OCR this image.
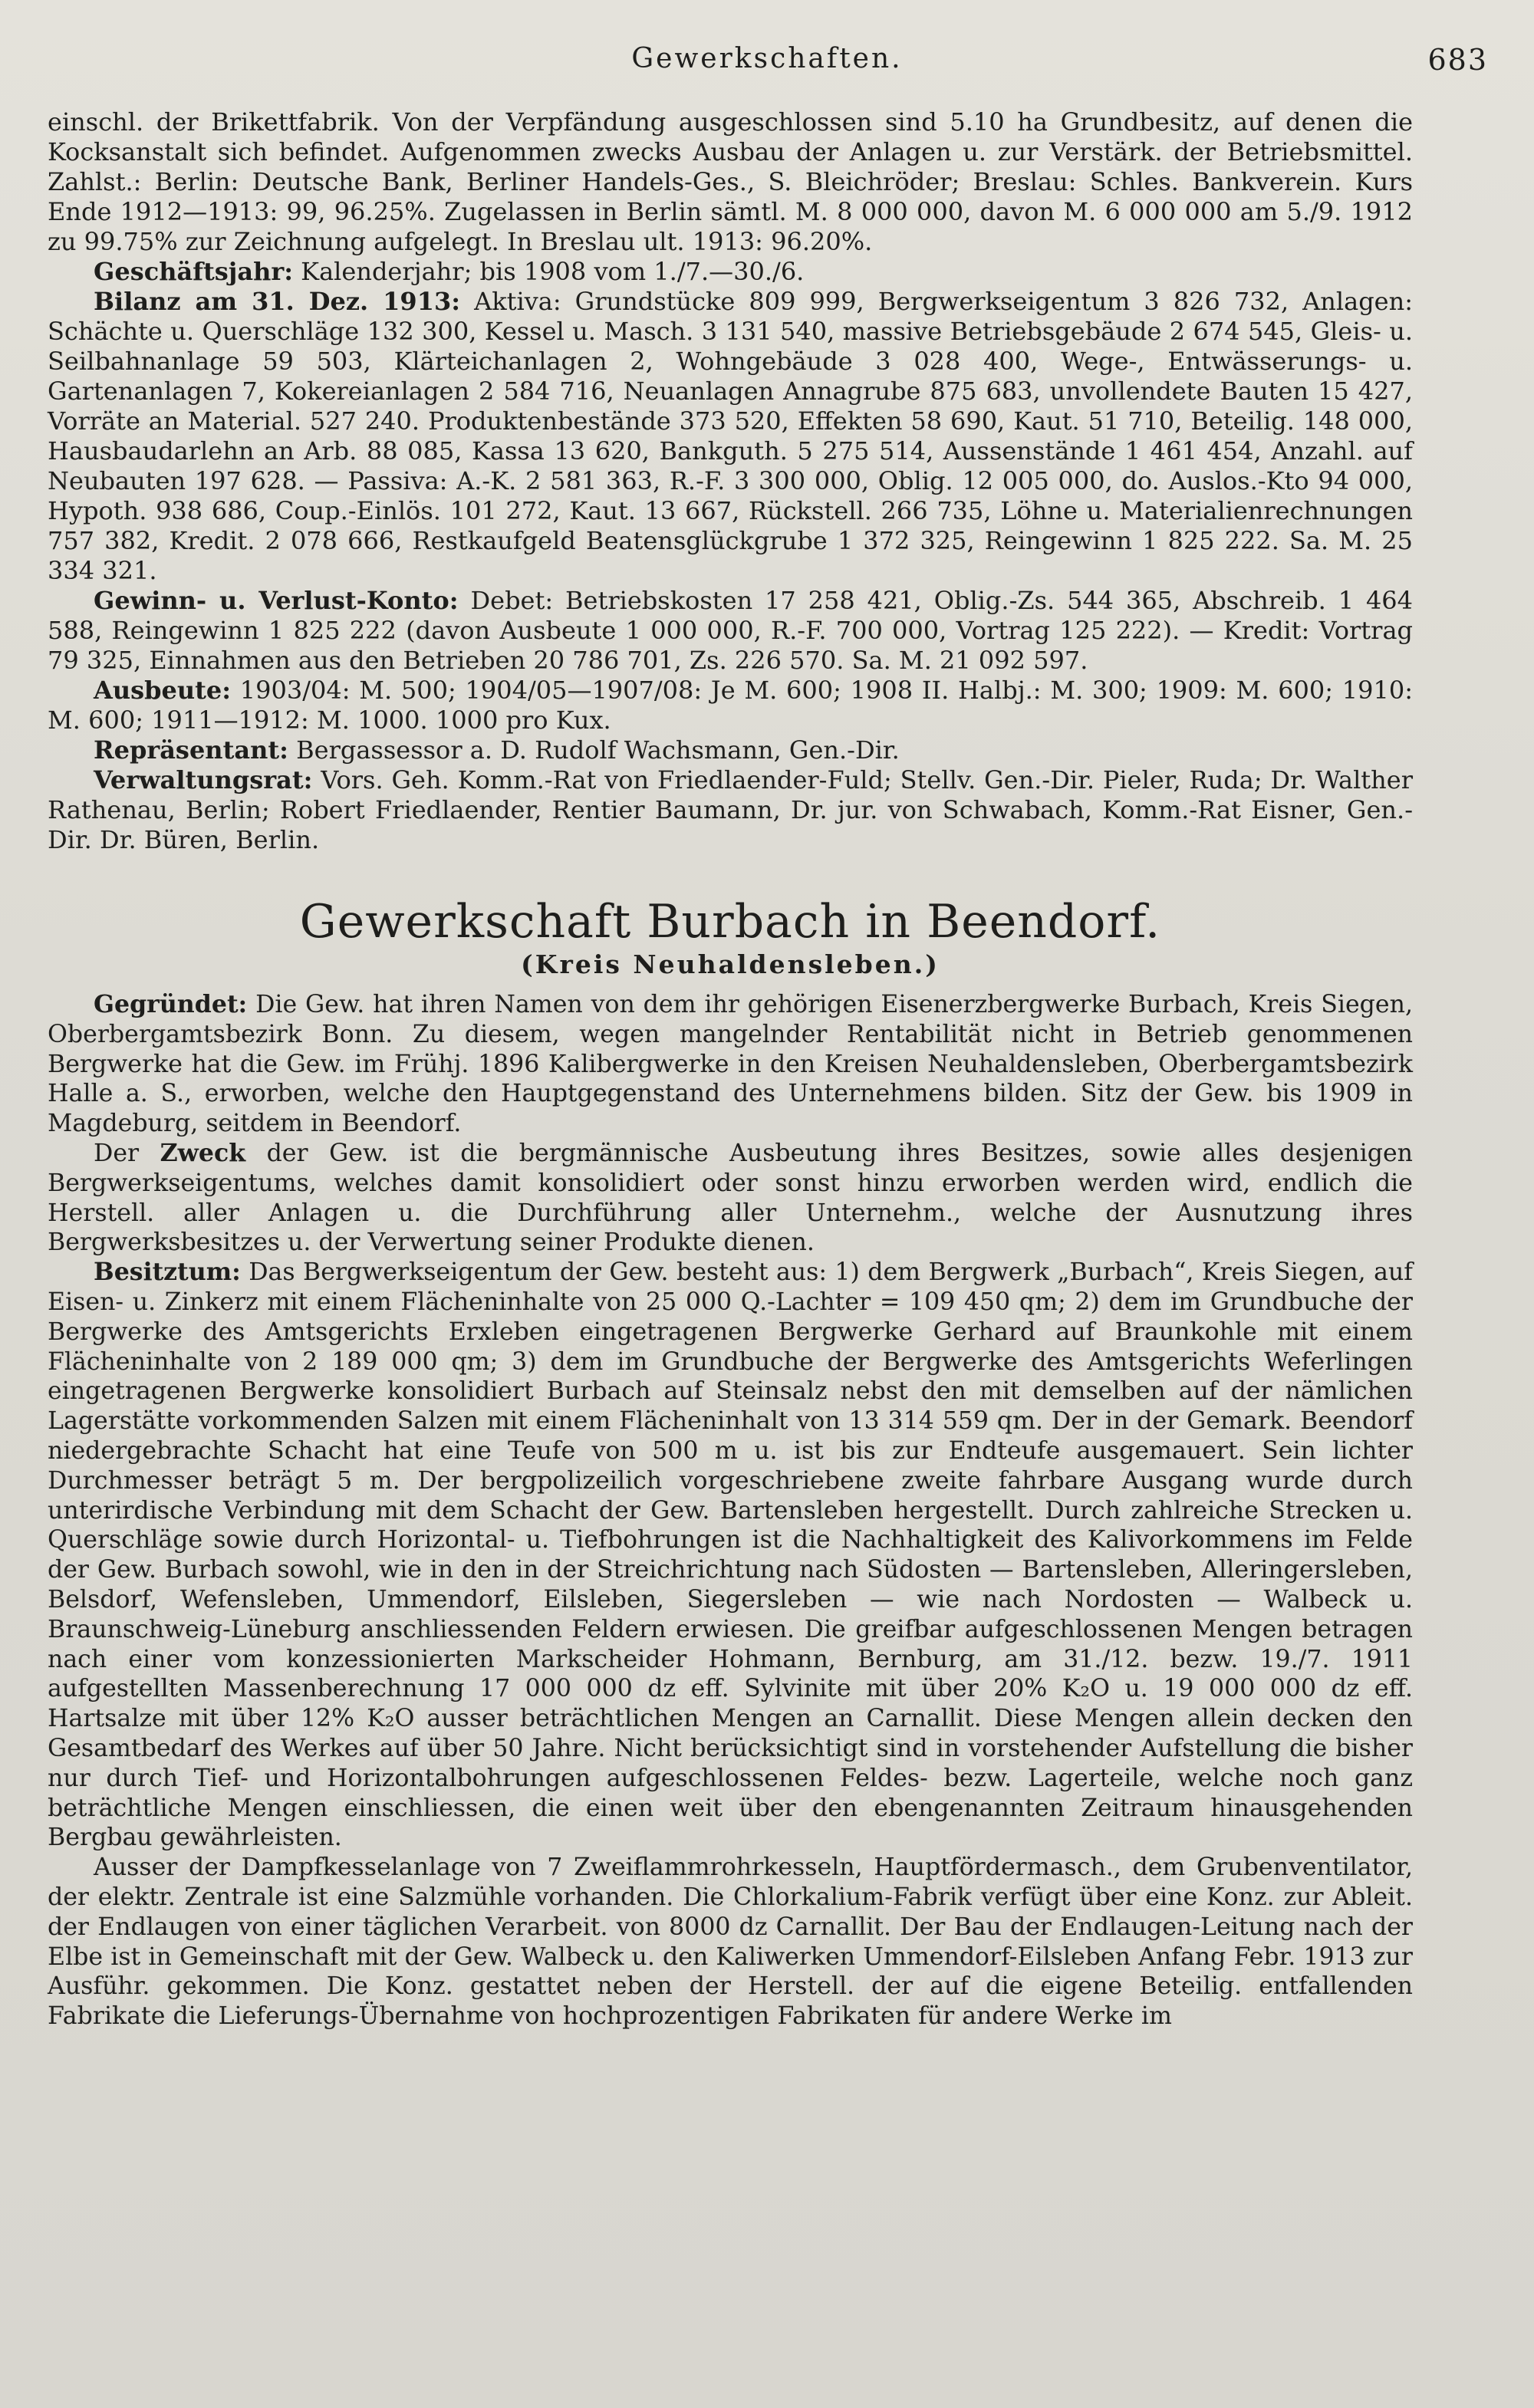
Gewerkschaften.	683

einschl. der Brikettfabrik. Von der Verpfändung ausgeschlossen sind 5.10 ha Grundbesitz, auf denen die Kocksanstalt sich befindet. Aufgenommen zwecks Ausbau der Anlagen u. zur Verstärk. der Betriebsmittel. Zahlst.: Berlin: Deutsche Bank, Berliner Handels-Ges., S. Bleichröder; Breslau: Schles. Bankverein. Kurs Ende 1912—1913: 99, 96.25%. Zugelassen in Berlin sämtl. M. 8 000 000, davon M. 6 000 000 am 5./9. 1912 zu 99.75% zur Zeichnung aufgelegt. In Breslau ult. 1913: 96.20%.

Geschäftsjahr: Kalenderjahr; bis 1908 vom 1./7.—30./6.

Bilanz am 31. Dez. 1913: Aktiva: Grundstücke 809 999, Bergwerkseigentum 3 826 732, Anlagen: Schächte u. Querschläge 132 300, Kessel u. Masch. 3 131 540, massive Betriebsgebäude 2 674 545, Gleis- u. Seilbahnanlage 59 503, Klärteichanlagen 2, Wohngebäude 3 028 400, Wege-, Entwässerungs- u. Gartenanlagen 7, Kokereianlagen 2 584 716, Neuanlagen Annagrube 875 683, unvollendete Bauten 15 427, Vorräte an Material. 527 240. Produktenbestände 373 520, Effekten 58 690, Kaut. 51 710, Beteilig. 148 000, Hausbaudarlehn an Arb. 88 085, Kassa 13 620, Bankguth. 5 275 514, Aussenstände 1 461 454, Anzahl. auf Neubauten 197 628. — Passiva: A.-K. 2 581 363, R.-F. 3 300 000, Oblig. 12 005 000, do. Auslos.-Kto 94 000, Hypoth. 938 686, Coup.-Einlös. 101 272, Kaut. 13 667, Rückstell. 266 735, Löhne u. Materialienrechnungen 757 382, Kredit. 2 078 666, Restkaufgeld Beatensglückgrube 1 372 325, Reingewinn 1 825 222. Sa. M. 25 334 321.

Gewinn- u. Verlust-Konto: Debet: Betriebskosten 17 258 421, Oblig.-Zs. 544 365, Abschreib. 1 464 588, Reingewinn 1 825 222 (davon Ausbeute 1 000 000, R.-F. 700 000, Vortrag 125 222). — Kredit: Vortrag 79 325, Einnahmen aus den Betrieben 20 786 701, Zs. 226 570. Sa. M. 21 092 597.

Ausbeute: 1903/04: M. 500; 1904/05—1907/08: Je M. 600; 1908 II. Halbj.: M. 300; 1909: M. 600; 1910: M. 600; 1911—1912: M. 1000. 1000 pro Kux.

Repräsentant: Bergassessor a. D. Rudolf Wachsmann, Gen.-Dir.

Verwaltungsrat: Vors. Geh. Komm.-Rat von Friedlaender-Fuld; Stellv. Gen.-Dir. Pieler, Ruda; Dr. Walther Rathenau, Berlin; Robert Friedlaender, Rentier Baumann, Dr. jur. von Schwabach, Komm.-Rat Eisner, Gen.-Dir. Dr. Büren, Berlin.

Gewerkschaft Burbach in Beendorf.
(Kreis Neuhaldensleben.)

Gegründet: Die Gew. hat ihren Namen von dem ihr gehörigen Eisenerzbergwerke Burbach, Kreis Siegen, Oberbergamtsbezirk Bonn. Zu diesem, wegen mangelnder Rentabilität nicht in Betrieb genommenen Bergwerke hat die Gew. im Frühj. 1896 Kalibergwerke in den Kreisen Neuhaldensleben, Oberbergamtsbezirk Halle a. S., erworben, welche den Hauptgegenstand des Unternehmens bilden. Sitz der Gew. bis 1909 in Magdeburg, seitdem in Beendorf.

Der Zweck der Gew. ist die bergmännische Ausbeutung ihres Besitzes, sowie alles desjenigen Bergwerkseigentums, welches damit konsolidiert oder sonst hinzu erworben werden wird, endlich die Herstell. aller Anlagen u. die Durchführung aller Unternehm., welche der Ausnutzung ihres Bergwerksbesitzes u. der Verwertung seiner Produkte dienen.

Besitztum: Das Bergwerkseigentum der Gew. besteht aus: 1) dem Bergwerk „Burbach“, Kreis Siegen, auf Eisen- u. Zinkerz mit einem Flächeninhalte von 25 000 Q.-Lachter = 109 450 qm; 2) dem im Grundbuche der Bergwerke des Amtsgerichts Erxleben eingetragenen Bergwerke Gerhard auf Braunkohle mit einem Flächeninhalte von 2 189 000 qm; 3) dem im Grundbuche der Bergwerke des Amtsgerichts Weferlingen eingetragenen Bergwerke konsolidiert Burbach auf Steinsalz nebst den mit demselben auf der nämlichen Lagerstätte vorkommenden Salzen mit einem Flächeninhalt von 13 314 559 qm. Der in der Gemark. Beendorf niedergebrachte Schacht hat eine Teufe von 500 m u. ist bis zur Endteufe ausgemauert. Sein lichter Durchmesser beträgt 5 m. Der bergpolizeilich vorgeschriebene zweite fahrbare Ausgang wurde durch unterirdische Verbindung mit dem Schacht der Gew. Bartensleben hergestellt. Durch zahlreiche Strecken u. Querschläge sowie durch Horizontal- u. Tiefbohrungen ist die Nachhaltigkeit des Kalivorkommens im Felde der Gew. Burbach sowohl, wie in den in der Streichrichtung nach Südosten — Bartensleben, Alleringersleben, Belsdorf, Wefensleben, Ummendorf, Eilsleben, Siegersleben — wie nach Nordosten — Walbeck u. Braunschweig-Lüneburg anschliessenden Feldern erwiesen. Die greifbar aufgeschlossenen Mengen betragen nach einer vom konzessionierten Markscheider Hohmann, Bernburg, am 31./12. bezw. 19./7. 1911 aufgestellten Massenberechnung 17 000 000 dz eff. Sylvinite mit über 20% K₂O u. 19 000 000 dz eff. Hartsalze mit über 12% K₂O ausser beträchtlichen Mengen an Carnallit. Diese Mengen allein decken den Gesamtbedarf des Werkes auf über 50 Jahre. Nicht berücksichtigt sind in vorstehender Aufstellung die bisher nur durch Tief- und Horizontalbohrungen aufgeschlossenen Feldes- bezw. Lagerteile, welche noch ganz beträchtliche Mengen einschliessen, die einen weit über den ebengenannten Zeitraum hinausgehenden Bergbau gewährleisten.

Ausser der Dampfkesselanlage von 7 Zweiflammrohrkesseln, Hauptfördermasch., dem Grubenventilator, der elektr. Zentrale ist eine Salzmühle vorhanden. Die Chlorkalium-Fabrik verfügt über eine Konz. zur Ableit. der Endlaugen von einer täglichen Verarbeit. von 8000 dz Carnallit. Der Bau der Endlaugen-Leitung nach der Elbe ist in Gemeinschaft mit der Gew. Walbeck u. den Kaliwerken Ummendorf-Eilsleben Anfang Febr. 1913 zur Ausführ. gekommen. Die Konz. gestattet neben der Herstell. der auf die eigene Beteilig. entfallenden Fabrikate die Lieferungs-Übernahme von hochprozentigen Fabrikaten für andere Werke im
